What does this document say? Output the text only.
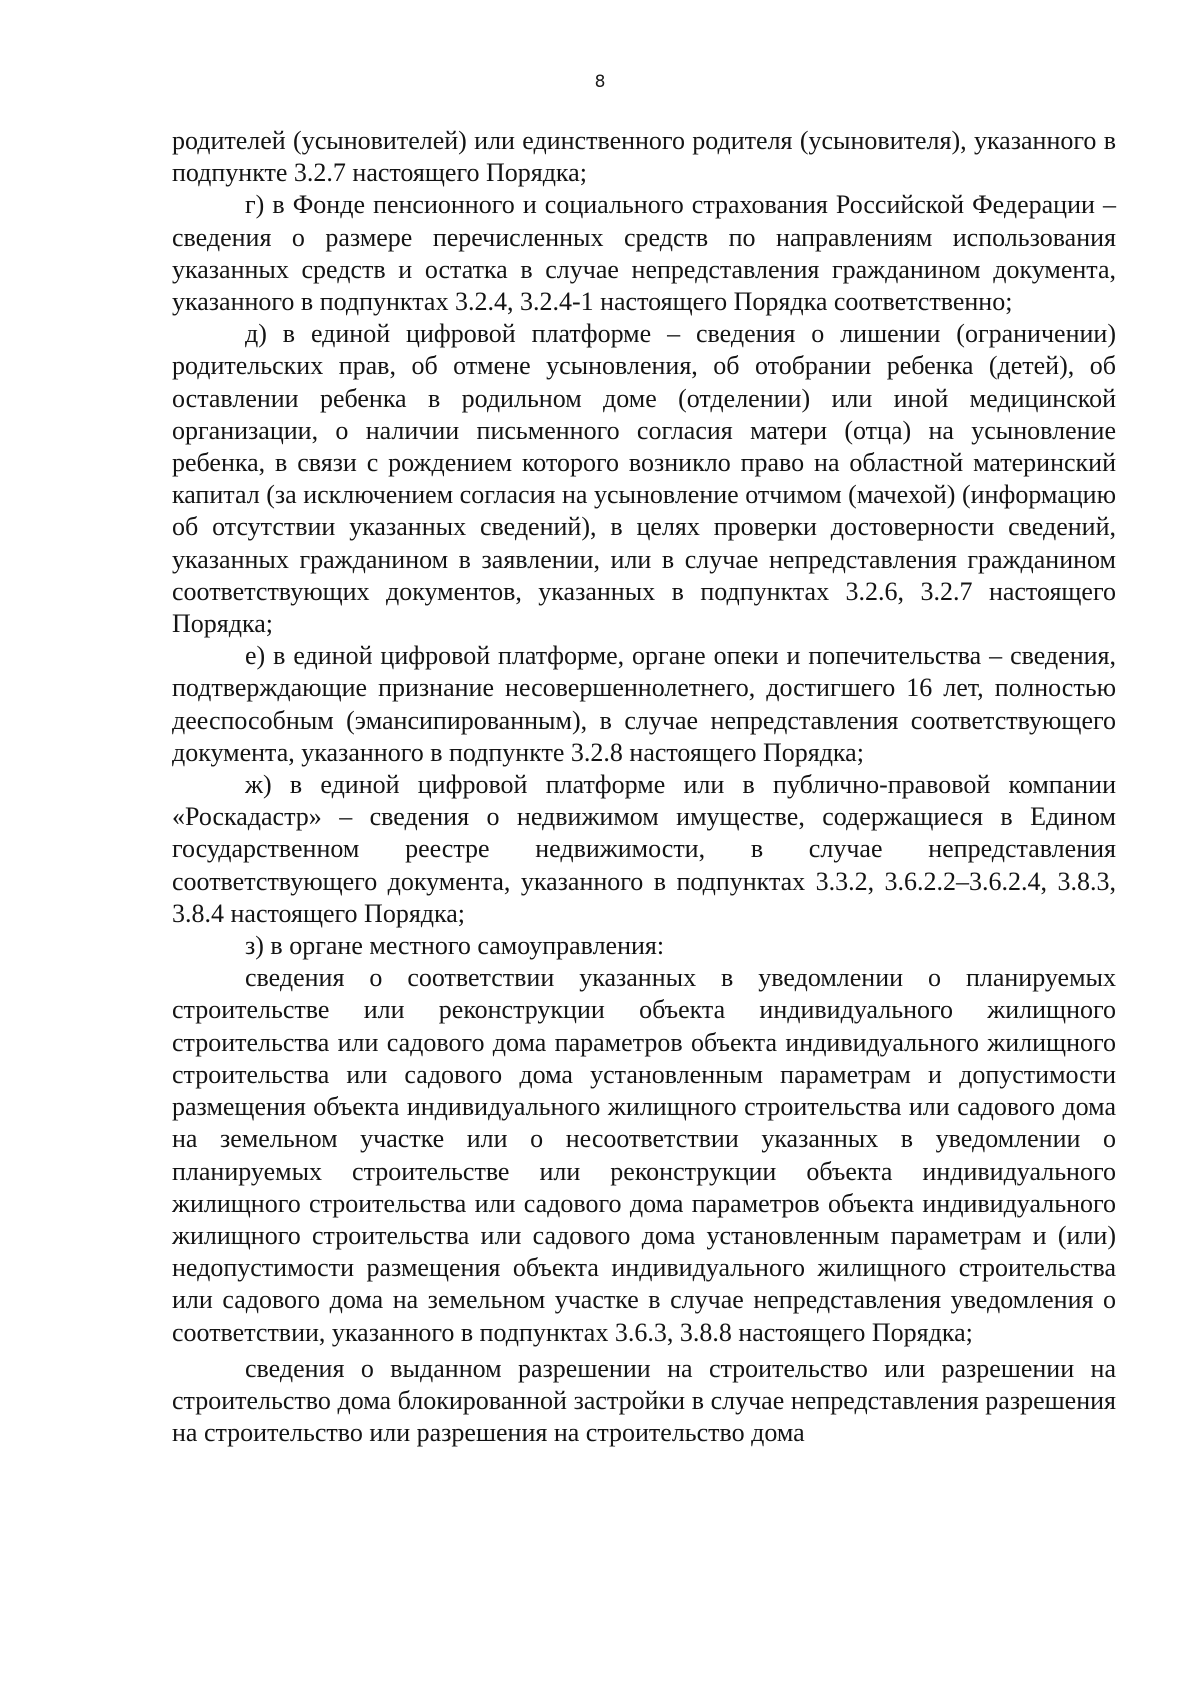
8

родителей (усыновителей) или единственного родителя (усыновителя), указанного в подпункте 3.2.7 настоящего Порядка;

г) в Фонде пенсионного и социального страхования Российской Федерации – сведения о размере перечисленных средств по направлениям использования указанных средств и остатка в случае непредставления гражданином документа, указанного в подпунктах 3.2.4, 3.2.4-1 настоящего Порядка соответственно;

д) в единой цифровой платформе – сведения о лишении (ограничении) родительских прав, об отмене усыновления, об отобрании ребенка (детей), об оставлении ребенка в родильном доме (отделении) или иной медицинской организации, о наличии письменного согласия матери (отца) на усыновление ребенка, в связи с рождением которого возникло право на областной материнский капитал (за исключением согласия на усыновление отчимом (мачехой) (информацию об отсутствии указанных сведений), в целях проверки достоверности сведений, указанных гражданином в заявлении, или в случае непредставления гражданином соответствующих документов, указанных в подпунктах 3.2.6, 3.2.7 настоящего Порядка;

е) в единой цифровой платформе, органе опеки и попечительства – сведения, подтверждающие признание несовершеннолетнего, достигшего 16 лет, полностью дееспособным (эмансипированным), в случае непредставления соответствующего документа, указанного в подпункте 3.2.8 настоящего Порядка;

ж) в единой цифровой платформе или в публично-правовой компании «Роскадастр» – сведения о недвижимом имуществе, содержащиеся в Едином государственном реестре недвижимости, в случае непредставления соответствующего документа, указанного в подпунктах 3.3.2, 3.6.2.2–3.6.2.4, 3.8.3, 3.8.4 настоящего Порядка;

з) в органе местного самоуправления:

сведения о соответствии указанных в уведомлении о планируемых строительстве или реконструкции объекта индивидуального жилищного строительства или садового дома параметров объекта индивидуального жилищного строительства или садового дома установленным параметрам и допустимости размещения объекта индивидуального жилищного строительства или садового дома на земельном участке или о несоответствии указанных в уведомлении о планируемых строительстве или реконструкции объекта индивидуального жилищного строительства или садового дома параметров объекта индивидуального жилищного строительства или садового дома установленным параметрам и (или) недопустимости размещения объекта индивидуального жилищного строительства или садового дома на земельном участке в случае непредставления уведомления о соответствии, указанного в подпунктах 3.6.3, 3.8.8 настоящего Порядка;

сведения о выданном разрешении на строительство или разрешении на строительство дома блокированной застройки в случае непредставления разрешения на строительство или разрешения на строительство дома
